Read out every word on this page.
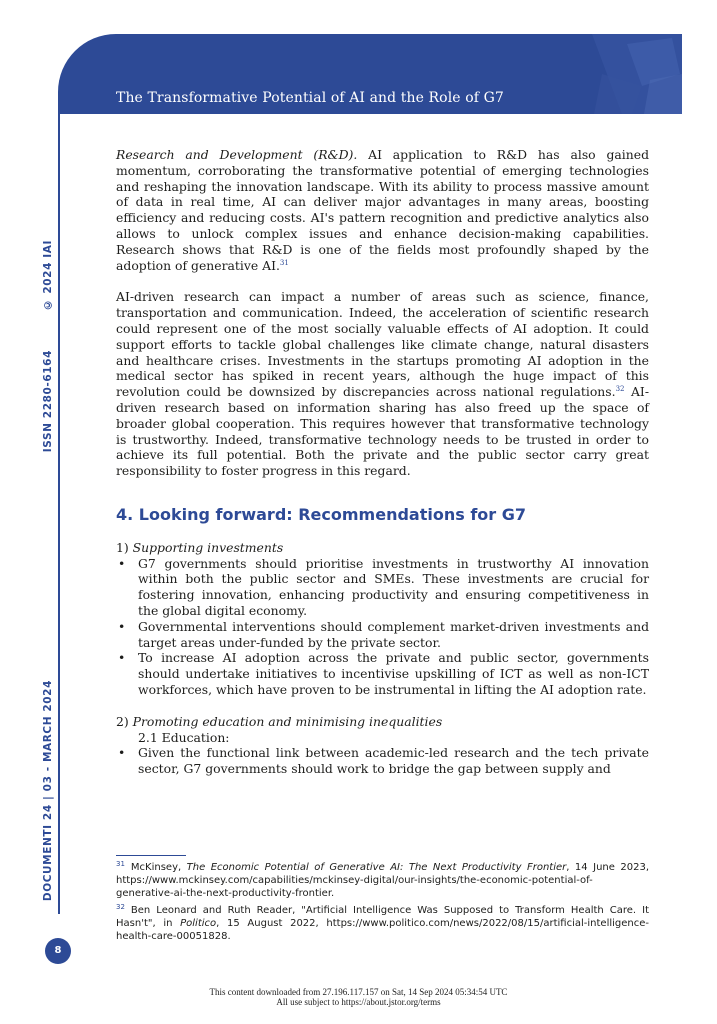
The Transformative Potential of AI and the Role of G7
© 2024 IAI
ISSN 2280-6164
DOCUMENTI 24 | 03 - MARCH 2024

Research and Development (R&D). AI application to R&D has also gained momentum, corroborating the transformative potential of emerging technologies and reshaping the innovation landscape. With its ability to process massive amount of data in real time, AI can deliver major advantages in many areas, boosting efficiency and reducing costs. AI's pattern recognition and predictive analytics also allows to unlock complex issues and enhance decision-making capabilities. Research shows that R&D is one of the fields most profoundly shaped by the adoption of generative AI.$^{31}$

AI-driven research can impact a number of areas such as science, finance, transportation and communication. Indeed, the acceleration of scientific research could represent one of the most socially valuable effects of AI adoption. It could support efforts to tackle global challenges like climate change, natural disasters and healthcare crises. Investments in the startups promoting AI adoption in the medical sector has spiked in recent years, although the huge impact of this revolution could be downsized by discrepancies across national regulations.$^{32}$ AI-driven research based on information sharing has also freed up the space of broader global cooperation. This requires however that transformative technology is trustworthy. Indeed, transformative technology needs to be trusted in order to achieve its full potential. Both the private and the public sector carry great responsibility to foster progress in this regard.

4. Looking forward: Recommendations for G7

1) Supporting investments

• G7 governments should prioritise investments in trustworthy AI innovation within both the public sector and SMEs. These investments are crucial for fostering innovation, enhancing productivity and ensuring competitiveness in the global digital economy.
• Governmental interventions should complement market-driven investments and target areas under-funded by the private sector.
• To increase AI adoption across the private and public sector, governments should undertake initiatives to incentivise upskilling of ICT as well as non-ICT workforces, which have proven to be instrumental in lifting the AI adoption rate.

2) Promoting education and minimising inequalities

2.1 Education:

• Given the functional link between academic-led research and the tech private sector, G7 governments should work to bridge the gap between supply and

$^{31}$ McKinsey, The Economic Potential of Generative AI: The Next Productivity Frontier, 14 June 2023, https://www.mckinsey.com/capabilities/mckinsey-digital/our-insights/the-economic-potential-of-generative-ai-the-next-productivity-frontier.

$^{32}$ Ben Leonard and Ruth Reader, "Artificial Intelligence Was Supposed to Transform Health Care. It Hasn't", in Politico, 15 August 2022, https://www.politico.com/news/2022/08/15/artificial-intelligence-health-care-00051828.

8
This content downloaded from 27.196.117.157 on Sat, 14 Sep 2024 05:34:54 UTC
All use subject to https://about.jstor.org/terms
